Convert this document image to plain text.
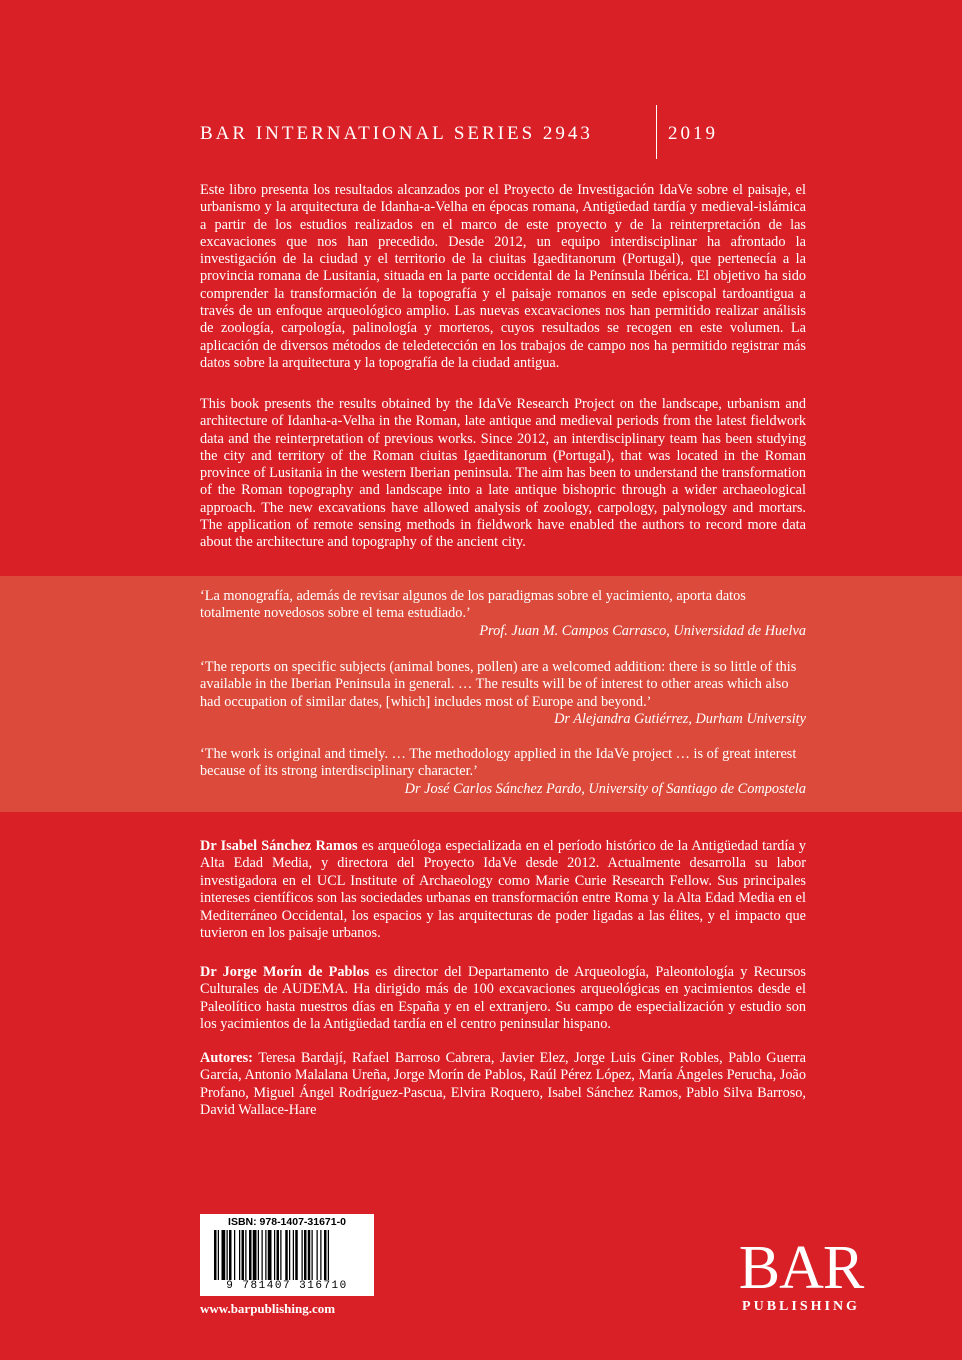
BAR INTERNATIONAL SERIES 2943	2019

Este libro presenta los resultados alcanzados por el Proyecto de Investigación IdaVe sobre el paisaje, el urbanismo y la arquitectura de Idanha-a-Velha en épocas romana, Antigüedad tardía y medieval-islámica a partir de los estudios realizados en el marco de este proyecto y de la reinterpretación de las excavaciones que nos han precedido. Desde 2012, un equipo interdisciplinar ha afrontado la investigación de la ciudad y el territorio de la ciuitas Igaeditanorum (Portugal), que pertenecía a la provincia romana de Lusitania, situada en la parte occidental de la Península Ibérica. El objetivo ha sido comprender la transformación de la topografía y el paisaje romanos en sede episcopal tardoantigua a través de un enfoque arqueológico amplio. Las nuevas excavaciones nos han permitido realizar análisis de zoología, carpología, palinología y morteros, cuyos resultados se recogen en este volumen. La aplicación de diversos métodos de teledetección en los trabajos de campo nos ha permitido registrar más datos sobre la arquitectura y la topografía de la ciudad antigua.

This book presents the results obtained by the IdaVe Research Project on the landscape, urbanism and architecture of Idanha-a-Velha in the Roman, late antique and medieval periods from the latest fieldwork data and the reinterpretation of previous works. Since 2012, an interdisciplinary team has been studying the city and territory of the Roman ciuitas Igaeditanorum (Portugal), that was located in the Roman province of Lusitania in the western Iberian peninsula. The aim has been to understand the transformation of the Roman topography and landscape into a late antique bishopric through a wider archaeological approach. The new excavations have allowed analysis of zoology, carpology, palynology and mortars. The application of remote sensing methods in fieldwork have enabled the authors to record more data about the architecture and topography of the ancient city.

‘La monografía, además de revisar algunos de los paradigmas sobre el yacimiento, aporta datos totalmente novedosos sobre el tema estudiado.’

Prof. Juan M. Campos Carrasco, Universidad de Huelva

‘The reports on specific subjects (animal bones, pollen) are a welcomed addition: there is so little of this available in the Iberian Peninsula in general. … The results will be of interest to other areas which also had occupation of similar dates, [which] includes most of Europe and beyond.’

Dr Alejandra Gutiérrez, Durham University

‘The work is original and timely. … The methodology applied in the IdaVe project … is of great interest because of its strong interdisciplinary character.’

Dr José Carlos Sánchez Pardo, University of Santiago de Compostela

Dr Isabel Sánchez Ramos es arqueóloga especializada en el período histórico de la Antigüedad tardía y Alta Edad Media, y directora del Proyecto IdaVe desde 2012. Actualmente desarrolla su labor investigadora en el UCL Institute of Archaeology como Marie Curie Research Fellow. Sus principales intereses científicos son las sociedades urbanas en transformación entre Roma y la Alta Edad Media en el Mediterráneo Occidental, los espacios y las arquitecturas de poder ligadas a las élites, y el impacto que tuvieron en los paisaje urbanos.

Dr Jorge Morín de Pablos es director del Departamento de Arqueología, Paleontología y Recursos Culturales de AUDEMA. Ha dirigido más de 100 excavaciones arqueológicas en yacimientos desde el Paleolítico hasta nuestros días en España y en el extranjero. Su campo de especialización y estudio son los yacimientos de la Antigüedad tardía en el centro peninsular hispano.

Autores: Teresa Bardají, Rafael Barroso Cabrera, Javier Elez, Jorge Luis Giner Robles, Pablo Guerra García, Antonio Malalana Ureña, Jorge Morín de Pablos, Raúl Pérez López, María Ángeles Perucha, João Profano, Miguel Ángel Rodríguez-Pascua, Elvira Roquero, Isabel Sánchez Ramos, Pablo Silva Barroso, David Wallace-Hare

ISBN: 978-1407-31671-0
9 781407 316710
www.barpublishing.com
BAR
PUBLISHING
